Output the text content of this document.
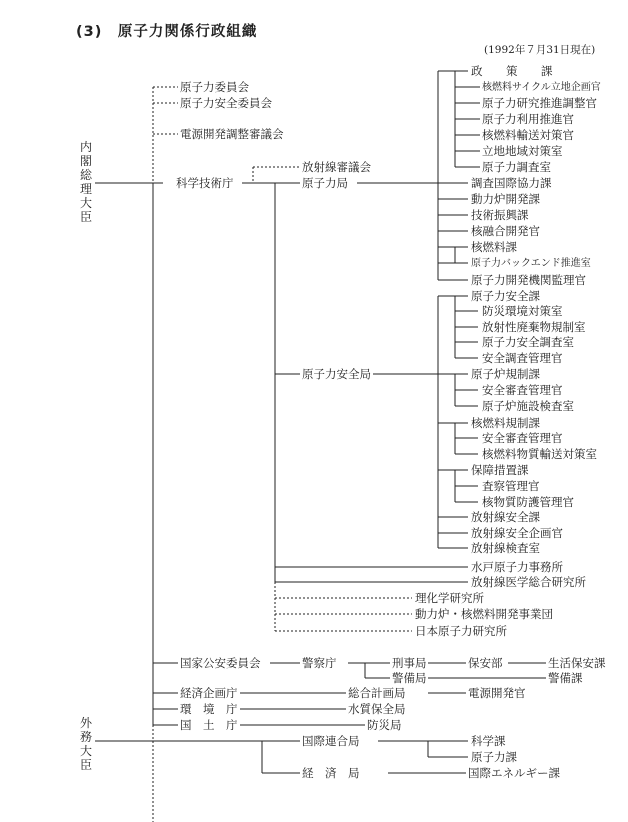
(3)　原子力関係行政組織
(1992年７月31日現在)
内閣総理大臣
外務大臣
原子力委員会
原子力安全委員会
電源開発調整審議会
放射線審議会
科学技術庁	原子力局
政　策　課
核燃料サイクル立地企画官
原子力研究推進調整官
原子力利用推進官
核燃料輸送対策官
立地地域対策室
原子力調査室
調査国際協力課
動力炉開発課
技術振興課
核融合開発官
核燃料課
原子力バックエンド推進室
原子力開発機関監理官
原子力安全局
原子力安全課
防災環境対策室
放射性廃棄物規制室
原子力安全調査室
安全調査管理官
原子炉規制課
安全審査管理官
原子炉施設検査室
核燃料規制課
安全審査管理官
核燃料物質輸送対策室
保障措置課
査察管理官
核物質防護管理官
放射線安全課
放射線安全企画官
放射線検査室
水戸原子力事務所
放射線医学総合研究所
理化学研究所
動力炉・核燃料開発事業団
日本原子力研究所
国家公安委員会	警察庁	刑事局	保安部	生活保安課
警備局	警備課
経済企画庁	総合計画局	電源開発官
環　境　庁	水質保全局
国　土　庁	防災局
国際連合局	科学課
原子力課
経　済　局	国際エネルギー課
